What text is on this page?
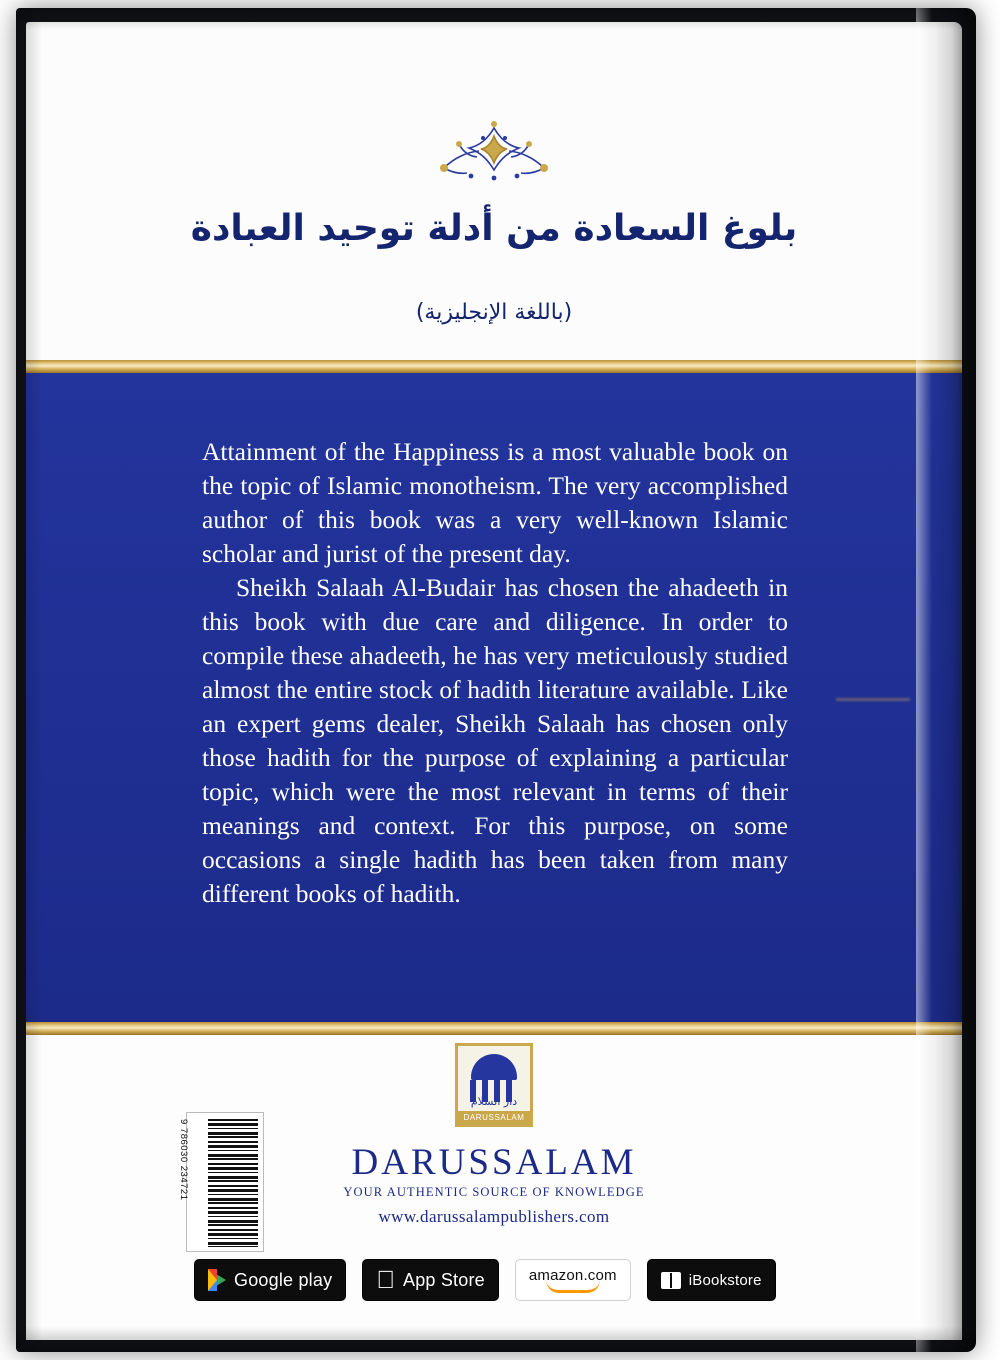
بلوغ السعادة من أدلة توحيد العبادة
(باللغة الإنجليزية)

Attainment of the Happiness is a most valuable book on the topic of Islamic monotheism. The very accomplished author of this book was a very well-known Islamic scholar and jurist of the present day.

Sheikh Salaah Al-Budair has chosen the ahadeeth in this book with due care and diligence. In order to compile these ahadeeth, he has very meticulously studied almost the entire stock of hadith literature available. Like an expert gems dealer, Sheikh Salaah has chosen only those hadith for the purpose of explaining a particular topic, which were the most relevant in terms of their meanings and context. For this purpose, on some occasions a single hadith has been taken from many different books of hadith.

دار السلام
DARUSSALAM
DARUSSALAM
YOUR AUTHENTIC SOURCE OF KNOWLEDGE
www.darussalampublishers.com
9 786030 234721
Google play	App Store	amazon.com	iBookstore
